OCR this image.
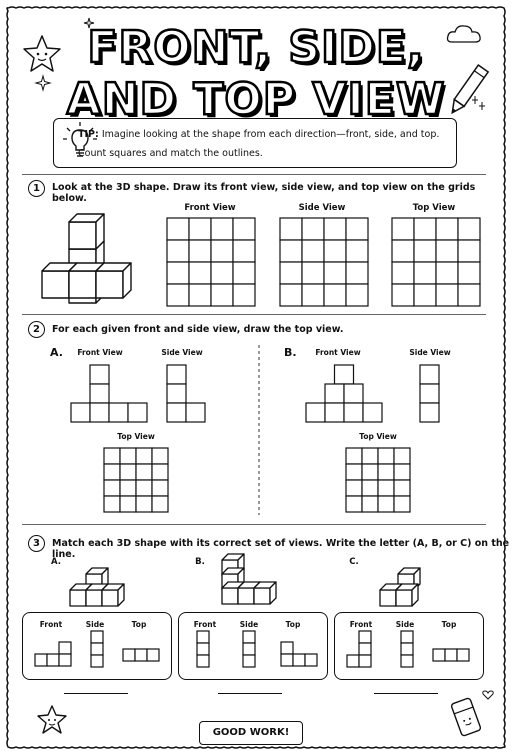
FRONT, SIDE,
AND TOP VIEW
TIP: Imagine looking at the shape from each direction—front, side, and top. Count squares and match the outlines.
1	Look at the 3D shape. Draw its front view, side view, and top view on the grids below.
Front View	Side View	Top View
2	For each given front and side view, draw the top view.
A.	Front View	Side View
Top View
B.	Front View	Side View
Top View
3	Match each 3D shape with its correct set of views. Write the letter (A, B, or C) on the line.
A.	B.	C.
Front	Side	Top	Front	Side	Top	Front	Side	Top
GOOD WORK!
